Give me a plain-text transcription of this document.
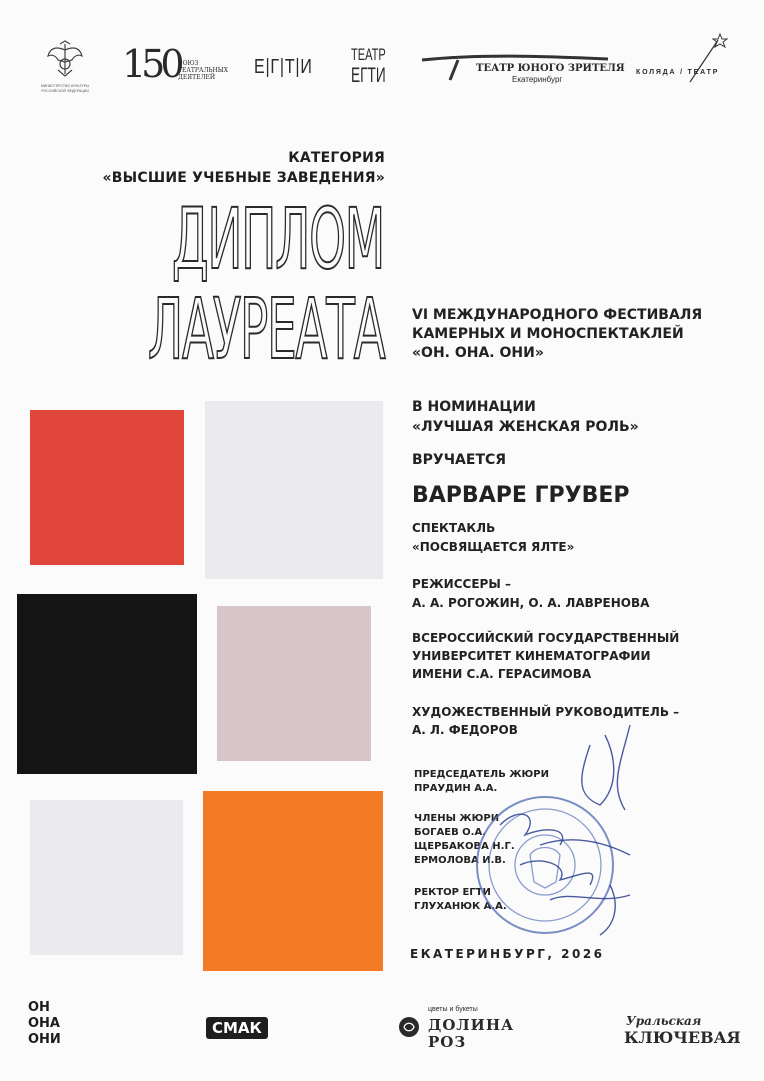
МИНИСТЕРСТВО КУЛЬТУРЫ РОССИЙСКОЙ ФЕДЕРАЦИИ
150
СОЮЗ ТЕАТРАЛЬНЫХ ДЕЯТЕЛЕЙ	Е|Г|Т|И
ТЕАТР
ЕГТИ	ТЕАТР ЮНОГО ЗРИТЕЛЯ
Екатеринбург
КОЛЯДА / ТЕАТР
КАТЕГОРИЯ
«ВЫСШИЕ УЧЕБНЫЕ ЗАВЕДЕНИЯ»
ДИПЛОМ
ЛАУРЕАТА VI МЕЖДУНАРОДНОГО ФЕСТИВАЛЯ
КАМЕРНЫХ И МОНОСПЕКТАКЛЕЙ
«ОН. ОНА. ОНИ»
В НОМИНАЦИИ
«ЛУЧШАЯ ЖЕНСКАЯ РОЛЬ»
ВРУЧАЕТСЯ
ВАРВАРЕ ГРУВЕР
СПЕКТАКЛЬ
«ПОСВЯЩАЕТСЯ ЯЛТЕ»
РЕЖИССЕРЫ –
А. А. РОГОЖИН, О. А. ЛАВРЕНОВА
ВСЕРОССИЙСКИЙ ГОСУДАРСТВЕННЫЙ
УНИВЕРСИТЕТ КИНЕМАТОГРАФИИ
ИМЕНИ С.А. ГЕРАСИМОВА
ХУДОЖЕСТВЕННЫЙ РУКОВОДИТЕЛЬ –
А. Л. ФЕДОРОВ
ПРЕДСЕДАТЕЛЬ ЖЮРИ
ПРАУДИН А.А.
ЧЛЕНЫ ЖЮРИ
БОГАЕВ О.А.
ЩЕРБАКОВА Н.Г.
ЕРМОЛОВА И.В.
РЕКТОР ЕГТИ
ГЛУХАНЮК А.А.
ЕКАТЕРИНБУРГ, 2026
ОН
ОНА
ОНИ
СМАК
цветы и букеты
ДОЛИНА
РОЗ
Уральская
КЛЮЧЕВАЯ
